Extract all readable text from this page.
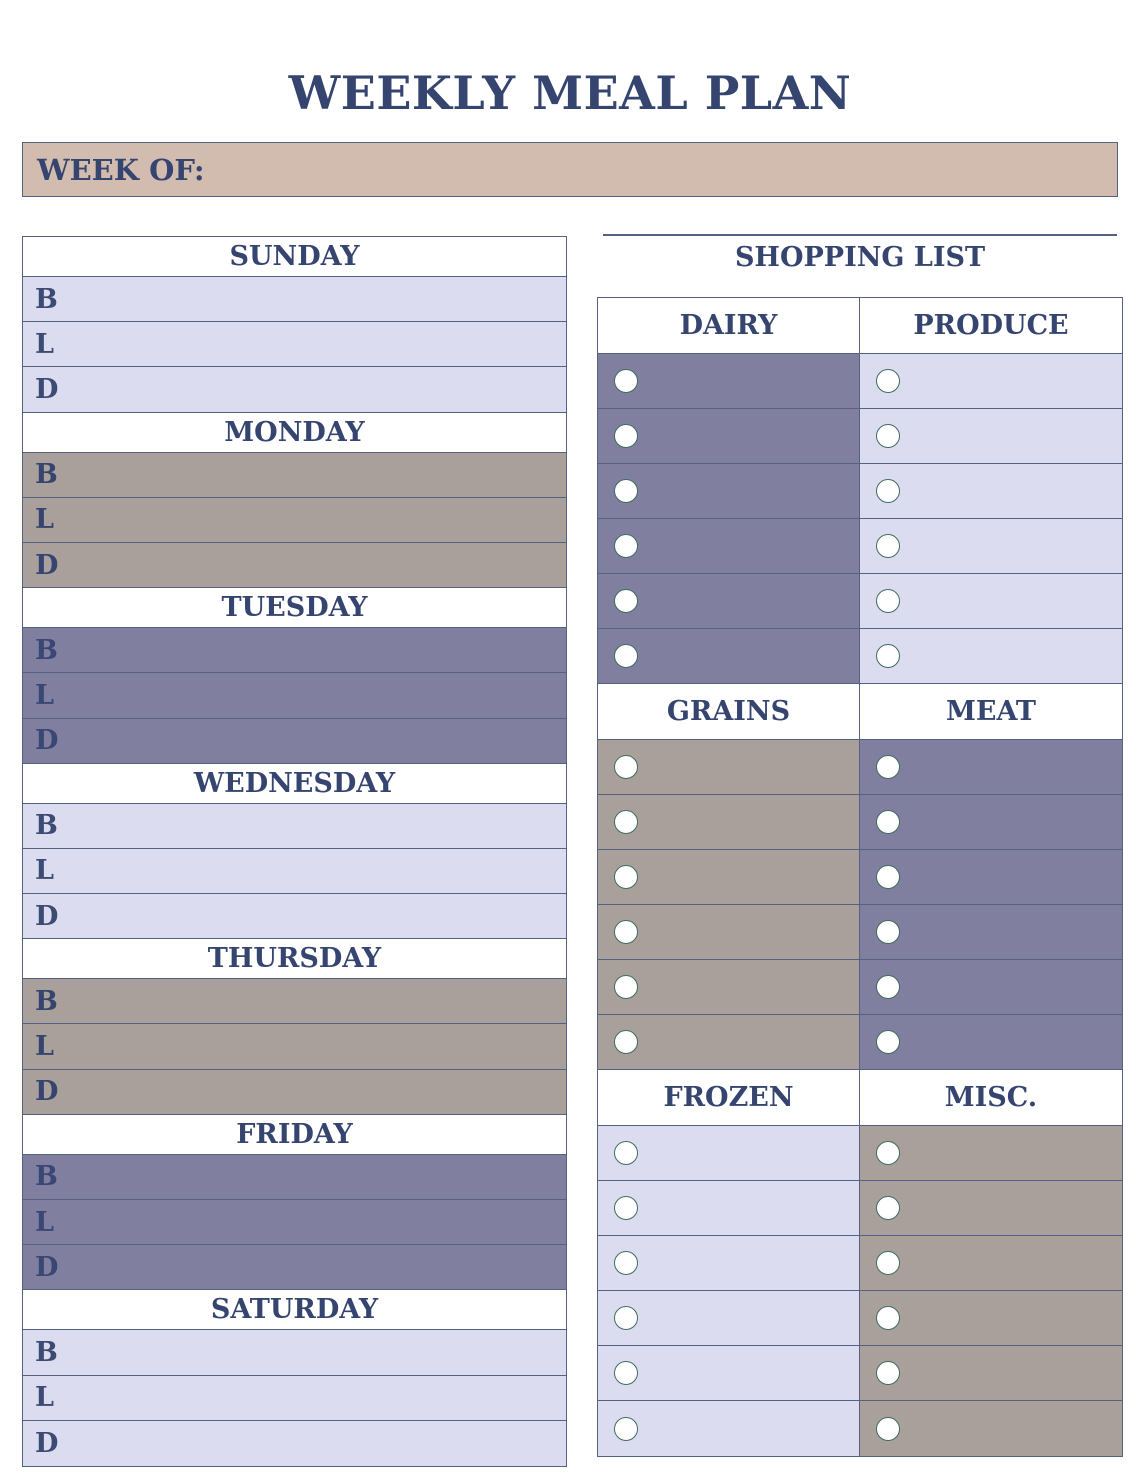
WEEKLY MEAL PLAN
WEEK OF:
SUNDAY
B
L
D
MONDAY
B
L
D
TUESDAY
B
L
D
WEDNESDAY
B
L
D
THURSDAY
B
L
D
FRIDAY
B
L
D
SATURDAY
B
L
D
SHOPPING LIST
DAIRY	PRODUCE
GRAINS	MEAT
FROZEN	MISC.
